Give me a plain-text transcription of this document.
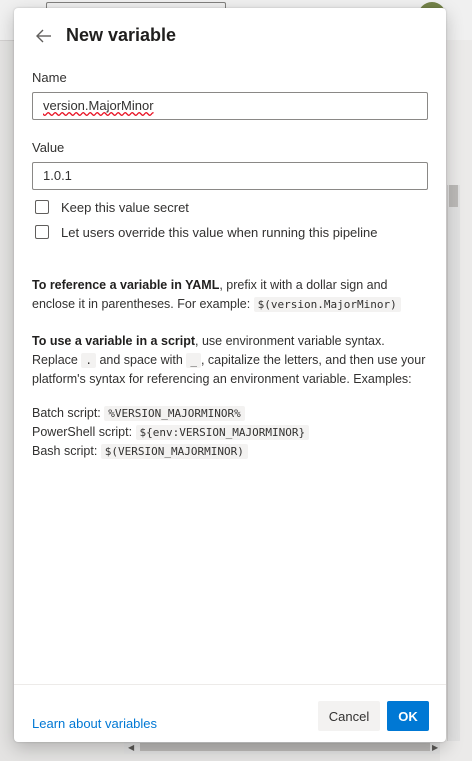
◀	▶
New variable
Name
version.MajorMinor
Value
1.0.1
Keep this value secret
Let users override this value when running this pipeline
To reference a variable in YAML, prefix it with a dollar sign and enclose it in parentheses. For example: $(version.MajorMinor)
To use a variable in a script, use environment variable syntax. Replace . and space with _ , capitalize the letters, and then use your platform's syntax for referencing an environment variable. Examples:
Batch script: %VERSION_MAJORMINOR%
PowerShell script: ${env:VERSION_MAJORMINOR}
Bash script: $(VERSION_MAJORMINOR)
Learn about variables	Cancel	OK
